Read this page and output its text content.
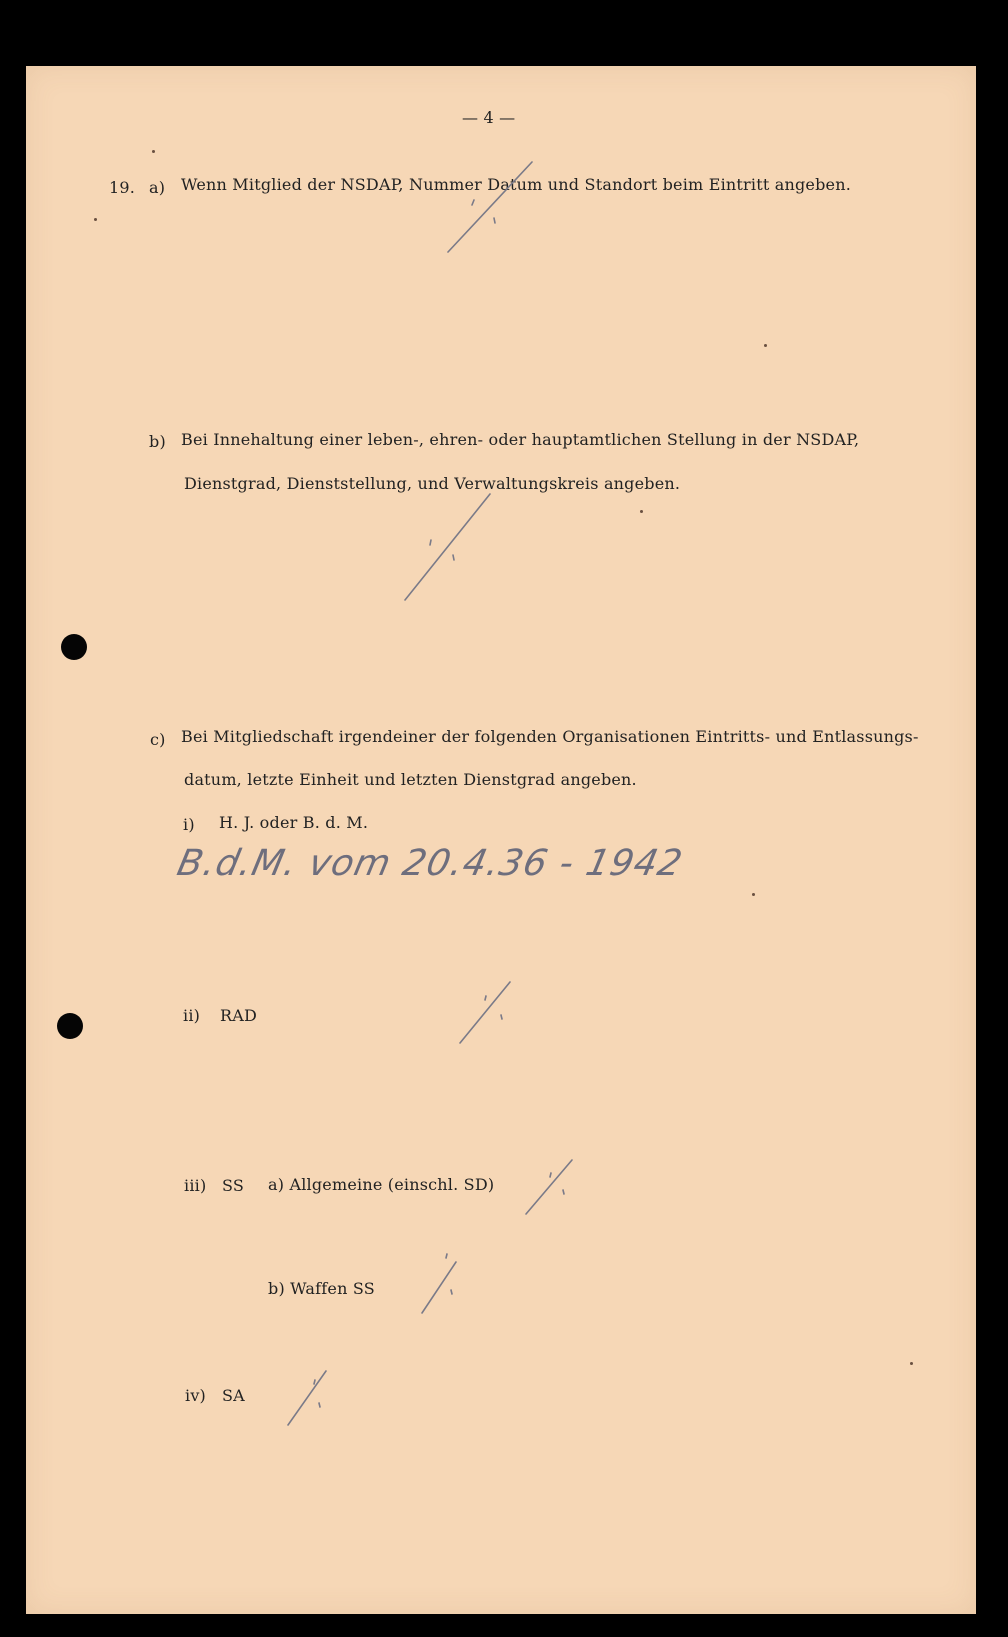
— 4 —
19. a) Wenn Mitglied der NSDAP, Nummer Datum und Standort beim Eintritt angeben.
b) Bei Innehaltung einer leben-, ehren- oder hauptamtlichen Stellung in der NSDAP,
Dienstgrad, Dienststellung, und Verwaltungskreis angeben.
c) Bei Mitgliedschaft irgendeiner der folgenden Organisationen Eintritts- und Entlassungs-
datum, letzte Einheit und letzten Dienstgrad angeben.
i) H. J. oder B. d. M.
B.d.M. vom 20.4.36 - 1942
ii) RAD
iii) SS a) Allgemeine (einschl. SD)
b) Waffen SS
iv) SA
